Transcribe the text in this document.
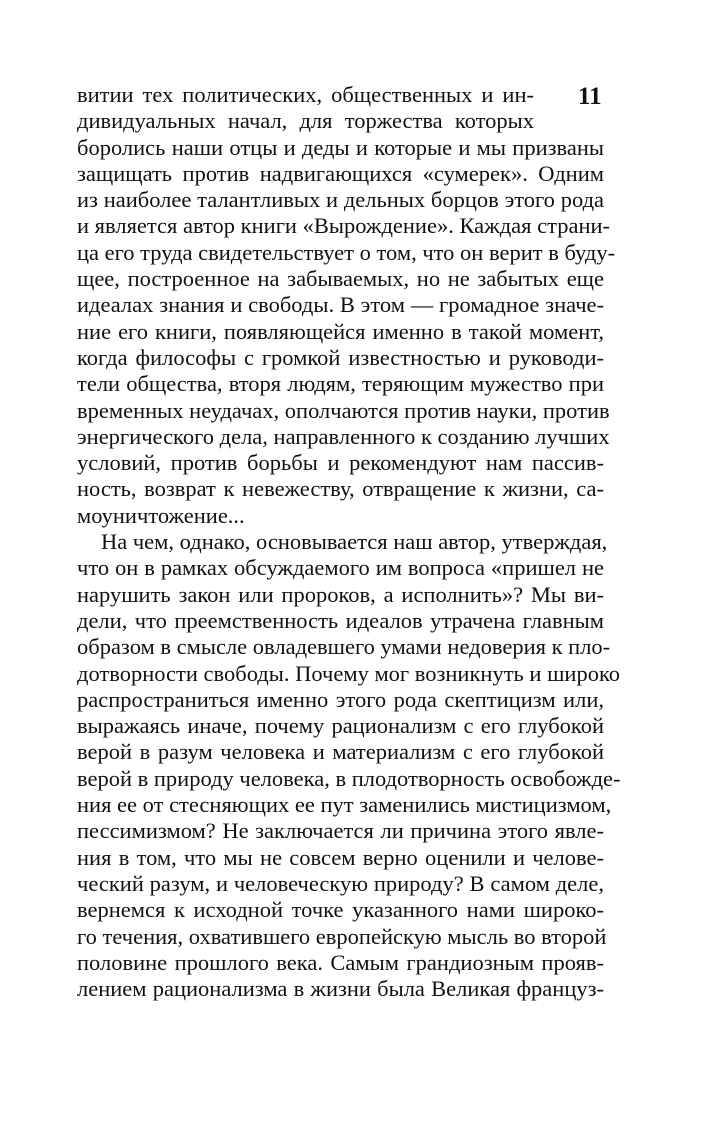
11
витии тех политических, общественных и ин-
дивидуальных начал, для торжества которых
боролись наши отцы и деды и которые и мы призваны
защищать против надвигающихся «сумерек». Одним
из наиболее талантливых и дельных борцов этого рода
и является автор книги «Вырождение». Каждая страни-
ца его труда свидетельствует о том, что он верит в буду-
щее, построенное на забываемых, но не забытых еще
идеалах знания и свободы. В этом — громадное значе-
ние его книги, появляющейся именно в такой момент,
когда философы с громкой известностью и руководи-
тели общества, вторя людям, теряющим мужество при
временных неудачах, ополчаются против науки, против
энергического дела, направленного к созданию лучших
условий, против борьбы и рекомендуют нам пассив-
ность, возврат к невежеству, отвращение к жизни, са-
моуничтожение...
На чем, однако, основывается наш автор, утверждая,
что он в рамках обсуждаемого им вопроса «пришел не
нарушить закон или пророков, а исполнить»? Мы ви-
дели, что преемственность идеалов утрачена главным
образом в смысле овладевшего умами недоверия к пло-
дотворности свободы. Почему мог возникнуть и широко
распространиться именно этого рода скептицизм или,
выражаясь иначе, почему рационализм с его глубокой
верой в разум человека и материализм с его глубокой
верой в природу человека, в плодотворность освобожде-
ния ее от стесняющих ее пут заменились мистицизмом,
пессимизмом? Не заключается ли причина этого явле-
ния в том, что мы не совсем верно оценили и челове-
ческий разум, и человеческую природу? В самом деле,
вернемся к исходной точке указанного нами широко-
го течения, охватившего европейскую мысль во второй
половине прошлого века. Самым грандиозным прояв-
лением рационализма в жизни была Великая француз-
